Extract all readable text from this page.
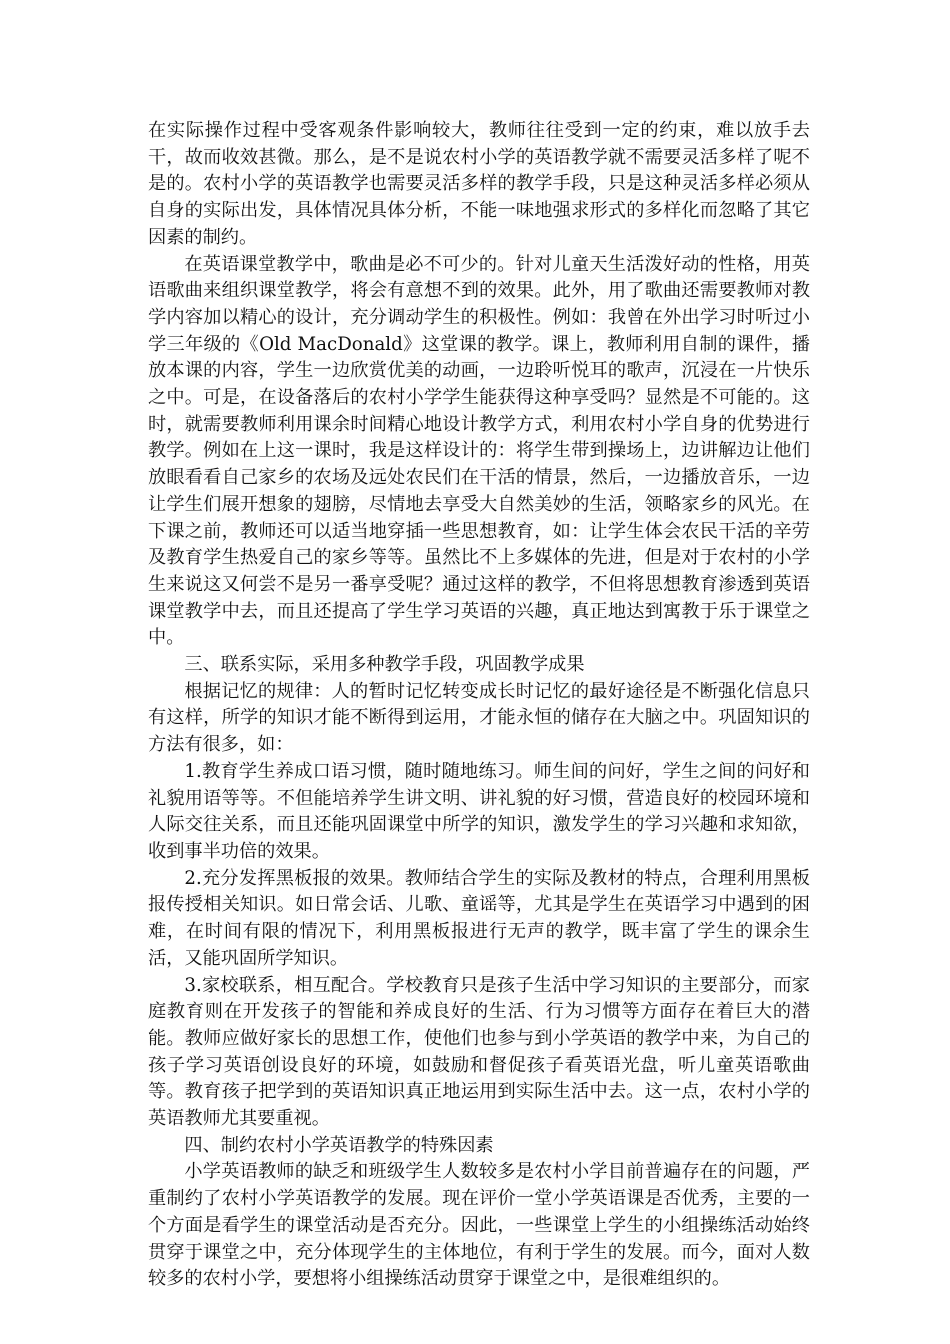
在实际操作过程中受客观条件影响较大，教师往往受到一定的约束，难以放手去干，故而收效甚微。那么，是不是说农村小学的英语教学就不需要灵活多样了呢不是的。农村小学的英语教学也需要灵活多样的教学手段，只是这种灵活多样必须从自身的实际出发，具体情况具体分析，不能一味地强求形式的多样化而忽略了其它因素的制约。

在英语课堂教学中，歌曲是必不可少的。针对儿童天生活泼好动的性格，用英语歌曲来组织课堂教学，将会有意想不到的效果。此外，用了歌曲还需要教师对教学内容加以精心的设计，充分调动学生的积极性。例如：我曾在外出学习时听过小学三年级的《Old MacDonald》这堂课的教学。课上，教师利用自制的课件，播放本课的内容，学生一边欣赏优美的动画，一边聆听悦耳的歌声，沉浸在一片快乐之中。可是，在设备落后的农村小学学生能获得这种享受吗？显然是不可能的。这时，就需要教师利用课余时间精心地设计教学方式，利用农村小学自身的优势进行教学。例如在上这一课时，我是这样设计的：将学生带到操场上，边讲解边让他们放眼看看自己家乡的农场及远处农民们在干活的情景，然后，一边播放音乐，一边让学生们展开想象的翅膀，尽情地去享受大自然美妙的生活，领略家乡的风光。在下课之前，教师还可以适当地穿插一些思想教育，如：让学生体会农民干活的辛劳及教育学生热爱自己的家乡等等。虽然比不上多媒体的先进，但是对于农村的小学生来说这又何尝不是另一番享受呢？通过这样的教学，不但将思想教育渗透到英语课堂教学中去，而且还提高了学生学习英语的兴趣，真正地达到寓教于乐于课堂之中。

三、联系实际，采用多种教学手段，巩固教学成果

根据记忆的规律：人的暂时记忆转变成长时记忆的最好途径是不断强化信息只有这样，所学的知识才能不断得到运用，才能永恒的储存在大脑之中。巩固知识的方法有很多，如：

1.教育学生养成口语习惯，随时随地练习。师生间的问好，学生之间的问好和礼貌用语等等。不但能培养学生讲文明、讲礼貌的好习惯，营造良好的校园环境和人际交往关系，而且还能巩固课堂中所学的知识，激发学生的学习兴趣和求知欲，收到事半功倍的效果。

2.充分发挥黑板报的效果。教师结合学生的实际及教材的特点，合理利用黑板报传授相关知识。如日常会话、儿歌、童谣等，尤其是学生在英语学习中遇到的困难，在时间有限的情况下，利用黑板报进行无声的教学，既丰富了学生的课余生活，又能巩固所学知识。

3.家校联系，相互配合。学校教育只是孩子生活中学习知识的主要部分，而家庭教育则在开发孩子的智能和养成良好的生活、行为习惯等方面存在着巨大的潜能。教师应做好家长的思想工作，使他们也参与到小学英语的教学中来，为自己的孩子学习英语创设良好的环境，如鼓励和督促孩子看英语光盘，听儿童英语歌曲等。教育孩子把学到的英语知识真正地运用到实际生活中去。这一点，农村小学的英语教师尤其要重视。

四、制约农村小学英语教学的特殊因素

小学英语教师的缺乏和班级学生人数较多是农村小学目前普遍存在的问题，严重制约了农村小学英语教学的发展。现在评价一堂小学英语课是否优秀，主要的一个方面是看学生的课堂活动是否充分。因此，一些课堂上学生的小组操练活动始终贯穿于课堂之中，充分体现学生的主体地位，有利于学生的发展。而今，面对人数较多的农村小学，要想将小组操练活动贯穿于课堂之中，是很难组织的。
